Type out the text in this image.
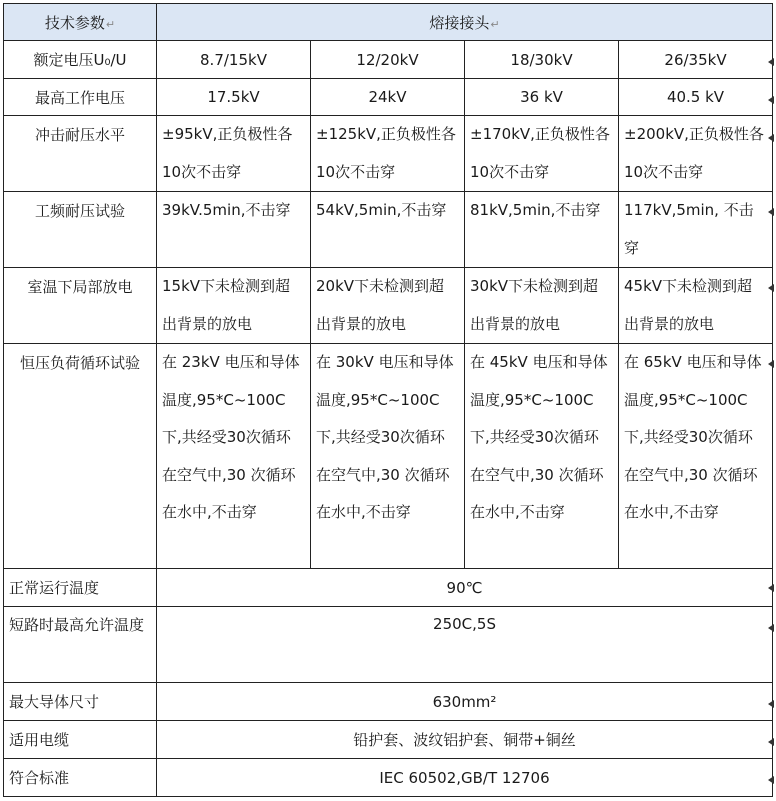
技术参数↵	熔接接头↵			
额定电压U₀/U	8.7/15kV	12/20kV	18/30kV	26/35kV
最高工作电压	17.5kV	24kV	36 kV	40.5 kV
冲击耐压水平	±95kV,正负极性各10次不击穿	±125kV,正负极性各10次不击穿	±170kV,正负极性各10次不击穿	±200kV,正负极性各10次不击穿
工频耐压试验	39kV.5min,不击穿	54kV,5min,不击穿	81kV,5min,不击穿	117kV,5min, 不击穿
室温下局部放电	15kV下未检测到超出背景的放电	20kV下未检测到超出背景的放电	30kV下未检测到超出背景的放电	45kV下未检测到超出背景的放电
恒压负荷循环试验	在 23kV 电压和导体温度,95*C~100C下,共经受30次循环在空气中,30 次循环在水中,不击穿	在 30kV 电压和导体温度,95*C~100C下,共经受30次循环在空气中,30 次循环在水中,不击穿	在 45kV 电压和导体温度,95*C~100C下,共经受30次循环在空气中,30 次循环在水中,不击穿	在 65kV 电压和导体温度,95*C~100C下,共经受30次循环在空气中,30 次循环在水中,不击穿
正常运行温度	90℃			
短路时最高允许温度	250C,5S			
最大导体尺寸	630mm²			
适用电缆	铅护套、波纹铝护套、铜带+铜丝			
符合标准	IEC 60502,GB/T 12706			
